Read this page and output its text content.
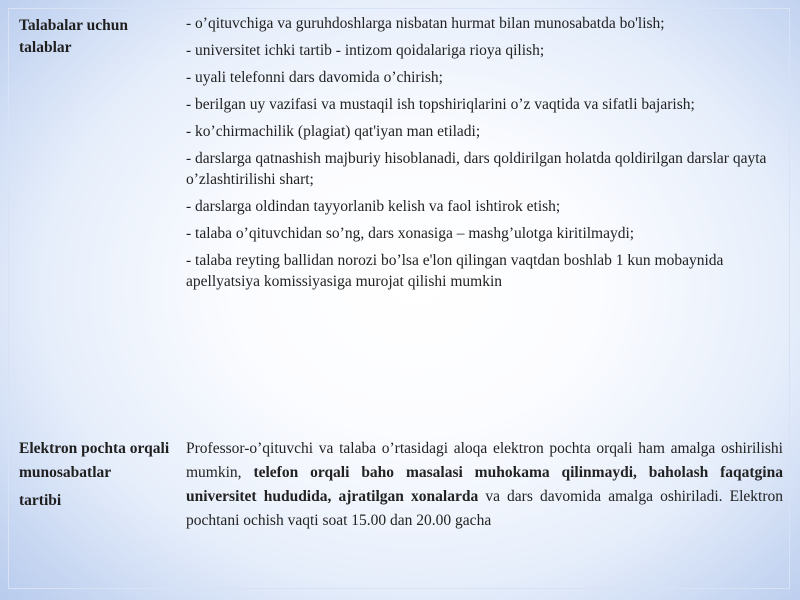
Talabalar uchun talablar
- o’qituvchiga va guruhdoshlarga nisbatan hurmat bilan munosabatda bo'lish;
- universitet ichki tartib - intizom qoidalariga rioya qilish;
- uyali telefonni dars davomida o’chirish;
- berilgan uy vazifasi va mustaqil ish topshiriqlarini o’z vaqtida va sifatli bajarish;
- ko’chirmachilik (plagiat) qat'iyan man etiladi;
- darslarga qatnashish majburiy hisoblanadi, dars qoldirilgan holatda qoldirilgan darslar qayta o’zlashtirilishi shart;
- darslarga oldindan tayyorlanib kelish va faol ishtirok etish;
- talaba o’qituvchidan so’ng, dars xonasiga – mashg’ulotga kiritilmaydi;
- talaba reyting ballidan norozi bo’lsa e'lon qilingan vaqtdan boshlab 1 kun mobaynida apellyatsiya komissiyasiga murojat qilishi mumkin
Elektron pochta orqali munosabatlar
tartibi

Professor-o’qituvchi va talaba o’rtasidagi aloqa elektron pochta orqali ham amalga oshirilishi mumkin, telefon orqali baho masalasi muhokama qilinmaydi, baholash faqatgina universitet hududida, ajratilgan xonalarda va dars davomida amalga oshiriladi. Elektron pochtani ochish vaqti soat 15.00 dan 20.00 gacha
